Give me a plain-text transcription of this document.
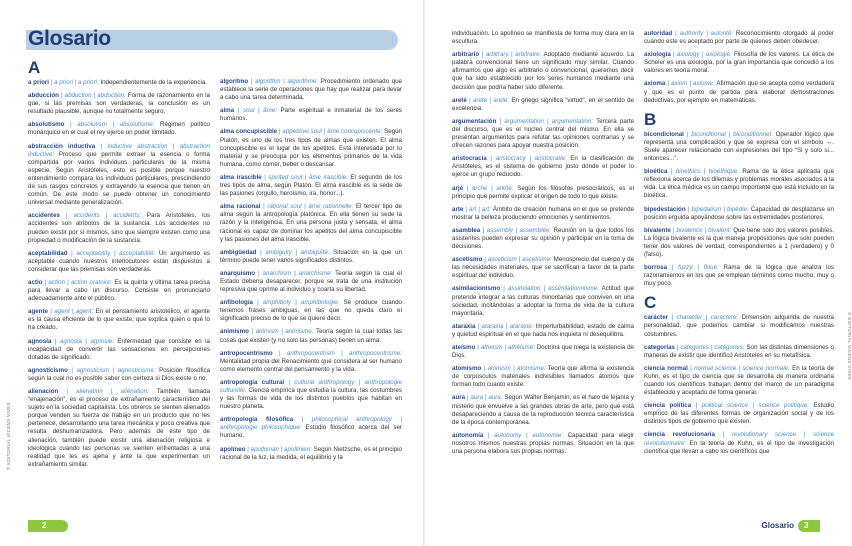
Glosario
A

a priori | a priori | a priori: Independientemente de la experiencia.

abducción | abduction | abduction: Forma de razonamiento en la que, si las premisas son verdaderas, la conclusión es un resultado plausible, aunque no totalmente seguro.

absolutismo | absolutism | absolutisme: Régimen político monárquico en el cual el rey ejerce un poder ilimitado.

abstracción inductiva | inductive abstraction | abstraction inductive: Proceso que permite extraer la esencia o forma compartida por varios individuos particulares de la misma especie. Según Aristóteles, esto es posible porque nuestro entendimiento compara los individuos particulares, prescindiendo de sus rasgos concretos y extrayendo la esencia que tienen en común. De este modo se puede obtener un conocimiento universal mediante generalización.

accidentes | accidents | accidents: Para Aristóteles, los accidentes son atributos de la sustancia. Los accidentes no pueden existir por sí mismos, sino que siempre existen como una propiedad o modificación de la sustancia.

aceptabilidad | acceptability | acceptabilité: Un argumento es aceptable cuando nuestros interlocutores están dispuestos a considerar que las premisas son verdaderas.

actio | action | action oratoire: Es la quinta y última tarea precisa para llevar a cabo un discurso. Consiste en pronunciarlo adecuadamente ante el público.

agente | agent | agent: En el pensamiento aristotélico, el agente es la causa eficiente de lo que existe, que explica quién o qué lo ha creado.

agnosia | agnosia | agnosie: Enfermedad que consiste en la incapacidad de convertir las sensaciones en percepciones dotadas de significado.

agnosticismo | agnosticism | agnosticisme: Posición filosófica según la cual no es posible saber con certeza si Dios existe o no.

alienación | alienation | aliénation: También llamada “enajenación”, es el proceso de extrañamiento característico del sujeto en la sociedad capitalista. Los obreros se sienten alienados porque venden su fuerza de trabajo en un producto que no les pertenece, desarrollando una tarea mecánica y poco creativa que resulta deshumanizadora. Pero además de este tipo de alienación, también puede existir una alienación religiosa e ideológica cuando las personas se sienten enfrentadas a una realidad que les es ajena y ante la que experimentan un extrañamiento similar.

algoritmo | algorithm | algorithme: Procedimiento ordenado que establece la serie de operaciones que hay que realizar para llevar a cabo una tarea determinada.

alma | soul | âme: Parte espiritual e inmaterial de los seres humanos.

alma concupiscible | appetitive soul | âme concupiscente: Según Platón, es uno de los tres tipos de almas que existen. El alma concupiscible es el lugar de los apetitos. Está interesada por lo material y se preocupa por los elementos primarios de la vida humana, como comer, beber o descansar.

alma irascible | spirited soul | âme irascible: El segundo de los tres tipos de alma, según Platón. El alma irascible es la sede de las pasiones (orgullo, heroísmo, ira, honor...).

alma racional | rational soul | âme rationnelle: El tercer tipo de alma según la antropología platónica. En ella tienen su sede la razón y la inteligencia. En una persona justa y sensata, el alma racional es capaz de dominar los apetitos del alma concupiscible y las pasiones del alma irascible.

ambigüedad | ambiguity | ambiguïté: Situación en la que un término puede tener varios significados distintos.

anarquismo | anarchism | anarchisme: Teoría según la cual el Estado debería desaparecer, porque se trata de una institución represiva que oprime al individuo y coarta su libertad.

anfibología | amphiboly | amphibologie: Se produce cuando tenemos frases ambiguas, en las que no queda claro el significado preciso de lo que se quiere decir.

animismo | animism | animisme: Teoría según la cual todas las cosas que existen (y no solo las personas) tienen un alma.

antropocentrismo | anthropocentrism | anthropocentrisme: Mentalidad propia del Renacimiento que considera al ser humano como elemento central del pensamiento y la vida.

antropología cultural | cultural anthropology | anthropologie culturelle: Ciencia empírica que estudia la cultura, las costumbres y las formas de vida de los distintos pueblos que habitan en nuestro planeta.

antropología filosófica | philosophical anthropology | anthropologie philosophique: Estudio filosófico acerca del ser humano.

apolíneo | apollonian | apollinien: Según Nietzsche, es el principio racional de la luz, la medida, el equilibrio y la

2
© EDITORIAL VICENS VIVES

individuación. Lo apolíneo se manifiesta de forma muy clara en la escultura.

arbitrario | arbitrary | arbitraire: Adoptado mediante acuerdo. La palabra convencional tiene un significado muy similar. Cuando afirmamos que algo es arbitrario o convencional, queremos decir que ha sido establecido por los seres humanos mediante una decisión que podría haber sido diferente.

areté | arete | areté: En griego significa “virtud”, en el sentido de excelencia.

argumentación | argumentation | argumentation: Tercera parte del discurso, que es el núcleo central del mismo. En ella se presentan argumentos para refutar las opiniones contrarias y se ofrecen razones para apoyar nuestra posición.

aristocracia | aristocracy | aristocratie: En la clasificación de Aristóteles, es el sistema de gobierno justo donde el poder lo ejerce un grupo reducido.

arjé | arche | arkhè: Según los filósofos presocráticos, es el principio que permite explicar el origen de todo lo que existe.

arte | art | art: Ámbito de creación humana en el que se pretende mostrar la belleza produciendo emociones y sentimientos.

asamblea | assembly | assemblée: Reunión en la que todos los asistentes pueden expresar su opinión y participar en la toma de decisiones.

ascetismo | asceticism | ascétisme: Menosprecio del cuerpo y de las necesidades materiales, que se sacrifican a favor de la parte espiritual del individuo.

asimilacionismo | assimilation | assimilationnisme: Actitud que pretende integrar a las culturas minoritarias que conviven en una sociedad, incitándolas a adoptar la forma de vida de la cultura mayoritaria.

ataraxia | ataraxia | ataraxie: Imperturbabilidad, estado de calma y quietud espiritual en el que nada nos inquieta ni desequilibra.

ateísmo | atheism | athéisme: Doctrina que niega la existencia de Dios.

atomismo | atomism | atomisme: Teoría que afirma la existencia de corpúsculos materiales indivisibles llamados átomos que forman todo cuanto existe.

aura | aura | aura: Según Walter Benjamin, es el halo de lejanía y misterio que envuelve a las grandes obras de arte, pero que está desapareciendo a causa de la reproducción técnica característica de la época contemporánea.

autonomía | autonomy | autonomie: Capacidad para elegir nosotros mismos nuestras propias normas. Situación en la que una persona elabora sus propias normas.

autoridad | authority | autorité: Reconocimiento otorgado al poder cuando este es aceptado por parte de quienes deben obedecer.

axiología | axiology | axiologie: Filosofía de los valores. La ética de Scheler es una axiología, por la gran importancia que concedió a los valores en teoría moral.

axioma | axiom | axiome: Afirmación que se acepta como verdadera y que es el punto de partida para elaborar demostraciones deductivas, por ejemplo en matemáticas.

B

bicondicional | biconditional | biconditionnel: Operador lógico que representa una complicación y que se expresa con el símbolo ↔. Suele aparecer relacionado con expresiones del tipo “Si y solo si... entonces...”.

bioética | bioethics | bioéthique: Rama de la ética aplicada que reflexiona acerca de los dilemas y problemas morales asociados a la vida. La ética médica es un campo importante que está incluido en la bioética.

bipedestación | bipedalism | bipédie: Capacidad de desplazarse en posición erguida apoyándose sobre las extremidades posteriores.

bivalente | bivalence | bivalent: Que tiene solo dos valores posibles. La lógica bivalente es la que maneja proposiciones que solo pueden tener dos valores de verdad, correspondientes a 1 (verdadero) y 0 (falso).

borrosa | fuzzy | floue: Rama de la lógica que analiza los razonamientos en los que se emplean términos como mucho, muy o muy poco.

C

carácter | character | caractère: Dimensión adquirida de nuestra personalidad, que podemos cambiar si modificamos nuestras costumbres.

categorías | categories | catégories: Son las distintas dimensiones o maneras de existir que identificó Aristóteles en su metafísica.

ciencia normal | normal science | science normale: En la teoría de Kuhn, es el tipo de ciencia que se desarrolla de manera ordinaria cuando los científicos trabajan dentro del marco de un paradigma establecido y aceptado de forma general.

ciencia política | political science | science politique: Estudio empírico de las diferentes formas de organización social y de los distintos tipos de gobierno que existen.

ciencia revolucionaria | revolutionary science | science révolutionnaire: En la teoría de Kuhn, es el tipo de investigación científica que llevan a cabo los científicos que

Glosario 3
© EDITORIAL VICENS VIVES
